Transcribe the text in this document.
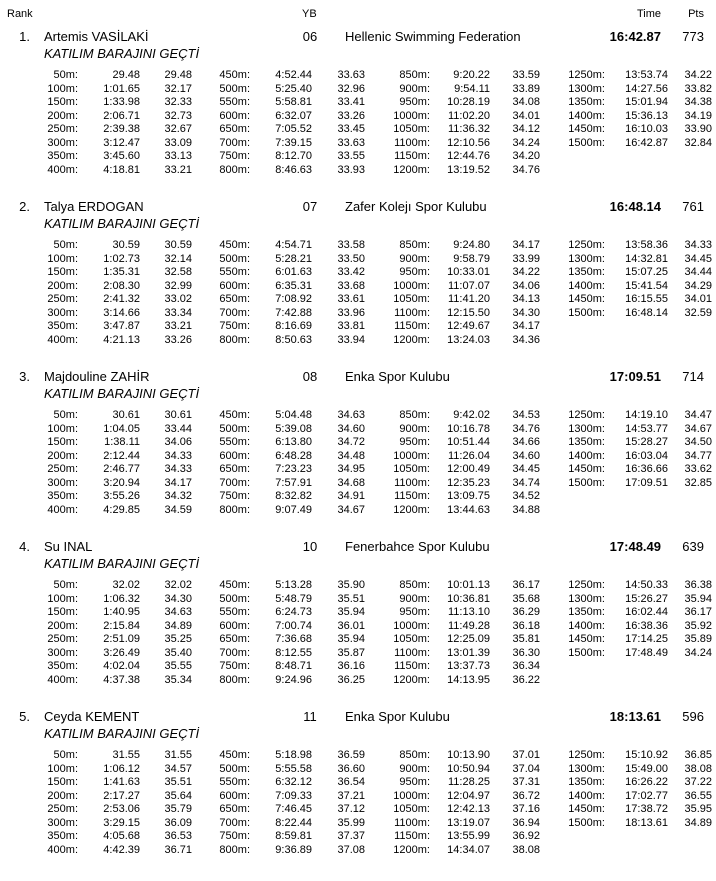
Rank	YB	Time Pts
1. Artemis VASİLAKİ	06	Hellenic Swimming Federation	16:42.87 773
KATILIM BARAJINI GEÇTİ
50m:	29.48	29.48	450m:	4:52.44	33.63	850m:	9:20.22	33.59	1250m:	13:53.74	34.22
100m:	1:01.65	32.17	500m:	5:25.40	32.96	900m:	9:54.11	33.89	1300m:	14:27.56	33.82
150m:	1:33.98	32.33	550m:	5:58.81	33.41	950m:	10:28.19	34.08	1350m:	15:01.94	34.38
200m:	2:06.71	32.73	600m:	6:32.07	33.26	1000m:	11:02.20	34.01	1400m:	15:36.13	34.19
250m:	2:39.38	32.67	650m:	7:05.52	33.45	1050m:	11:36.32	34.12	1450m:	16:10.03	33.90
300m:	3:12.47	33.09	700m:	7:39.15	33.63	1100m:	12:10.56	34.24	1500m:	16:42.87	32.84
350m:	3:45.60	33.13	750m:	8:12.70	33.55	1150m:	12:44.76	34.20			
400m:	4:18.81	33.21	800m:	8:46.63	33.93	1200m:	13:19.52	34.76			
2. Talya ERDOGAN	07	Zafer Kolejı Spor Kulubu	16:48.14 761
KATILIM BARAJINI GEÇTİ
50m:	30.59	30.59	450m:	4:54.71	33.58	850m:	9:24.80	34.17	1250m:	13:58.36	34.33
100m:	1:02.73	32.14	500m:	5:28.21	33.50	900m:	9:58.79	33.99	1300m:	14:32.81	34.45
150m:	1:35.31	32.58	550m:	6:01.63	33.42	950m:	10:33.01	34.22	1350m:	15:07.25	34.44
200m:	2:08.30	32.99	600m:	6:35.31	33.68	1000m:	11:07.07	34.06	1400m:	15:41.54	34.29
250m:	2:41.32	33.02	650m:	7:08.92	33.61	1050m:	11:41.20	34.13	1450m:	16:15.55	34.01
300m:	3:14.66	33.34	700m:	7:42.88	33.96	1100m:	12:15.50	34.30	1500m:	16:48.14	32.59
350m:	3:47.87	33.21	750m:	8:16.69	33.81	1150m:	12:49.67	34.17			
400m:	4:21.13	33.26	800m:	8:50.63	33.94	1200m:	13:24.03	34.36			
3. Majdouline ZAHİR	08	Enka Spor Kulubu	17:09.51 714
KATILIM BARAJINI GEÇTİ
50m:	30.61	30.61	450m:	5:04.48	34.63	850m:	9:42.02	34.53	1250m:	14:19.10	34.47
100m:	1:04.05	33.44	500m:	5:39.08	34.60	900m:	10:16.78	34.76	1300m:	14:53.77	34.67
150m:	1:38.11	34.06	550m:	6:13.80	34.72	950m:	10:51.44	34.66	1350m:	15:28.27	34.50
200m:	2:12.44	34.33	600m:	6:48.28	34.48	1000m:	11:26.04	34.60	1400m:	16:03.04	34.77
250m:	2:46.77	34.33	650m:	7:23.23	34.95	1050m:	12:00.49	34.45	1450m:	16:36.66	33.62
300m:	3:20.94	34.17	700m:	7:57.91	34.68	1100m:	12:35.23	34.74	1500m:	17:09.51	32.85
350m:	3:55.26	34.32	750m:	8:32.82	34.91	1150m:	13:09.75	34.52			
400m:	4:29.85	34.59	800m:	9:07.49	34.67	1200m:	13:44.63	34.88			
4. Su INAL	10	Fenerbahce Spor Kulubu	17:48.49 639
KATILIM BARAJINI GEÇTİ
50m:	32.02	32.02	450m:	5:13.28	35.90	850m:	10:01.13	36.17	1250m:	14:50.33	36.38
100m:	1:06.32	34.30	500m:	5:48.79	35.51	900m:	10:36.81	35.68	1300m:	15:26.27	35.94
150m:	1:40.95	34.63	550m:	6:24.73	35.94	950m:	11:13.10	36.29	1350m:	16:02.44	36.17
200m:	2:15.84	34.89	600m:	7:00.74	36.01	1000m:	11:49.28	36.18	1400m:	16:38.36	35.92
250m:	2:51.09	35.25	650m:	7:36.68	35.94	1050m:	12:25.09	35.81	1450m:	17:14.25	35.89
300m:	3:26.49	35.40	700m:	8:12.55	35.87	1100m:	13:01.39	36.30	1500m:	17:48.49	34.24
350m:	4:02.04	35.55	750m:	8:48.71	36.16	1150m:	13:37.73	36.34			
400m:	4:37.38	35.34	800m:	9:24.96	36.25	1200m:	14:13.95	36.22			
5. Ceyda KEMENT	11	Enka Spor Kulubu	18:13.61 596
KATILIM BARAJINI GEÇTİ
50m:	31.55	31.55	450m:	5:18.98	36.59	850m:	10:13.90	37.01	1250m:	15:10.92	36.85
100m:	1:06.12	34.57	500m:	5:55.58	36.60	900m:	10:50.94	37.04	1300m:	15:49.00	38.08
150m:	1:41.63	35.51	550m:	6:32.12	36.54	950m:	11:28.25	37.31	1350m:	16:26.22	37.22
200m:	2:17.27	35.64	600m:	7:09.33	37.21	1000m:	12:04.97	36.72	1400m:	17:02.77	36.55
250m:	2:53.06	35.79	650m:	7:46.45	37.12	1050m:	12:42.13	37.16	1450m:	17:38.72	35.95
300m:	3:29.15	36.09	700m:	8:22.44	35.99	1100m:	13:19.07	36.94	1500m:	18:13.61	34.89
350m:	4:05.68	36.53	750m:	8:59.81	37.37	1150m:	13:55.99	36.92			
400m:	4:42.39	36.71	800m:	9:36.89	37.08	1200m:	14:34.07	38.08			
